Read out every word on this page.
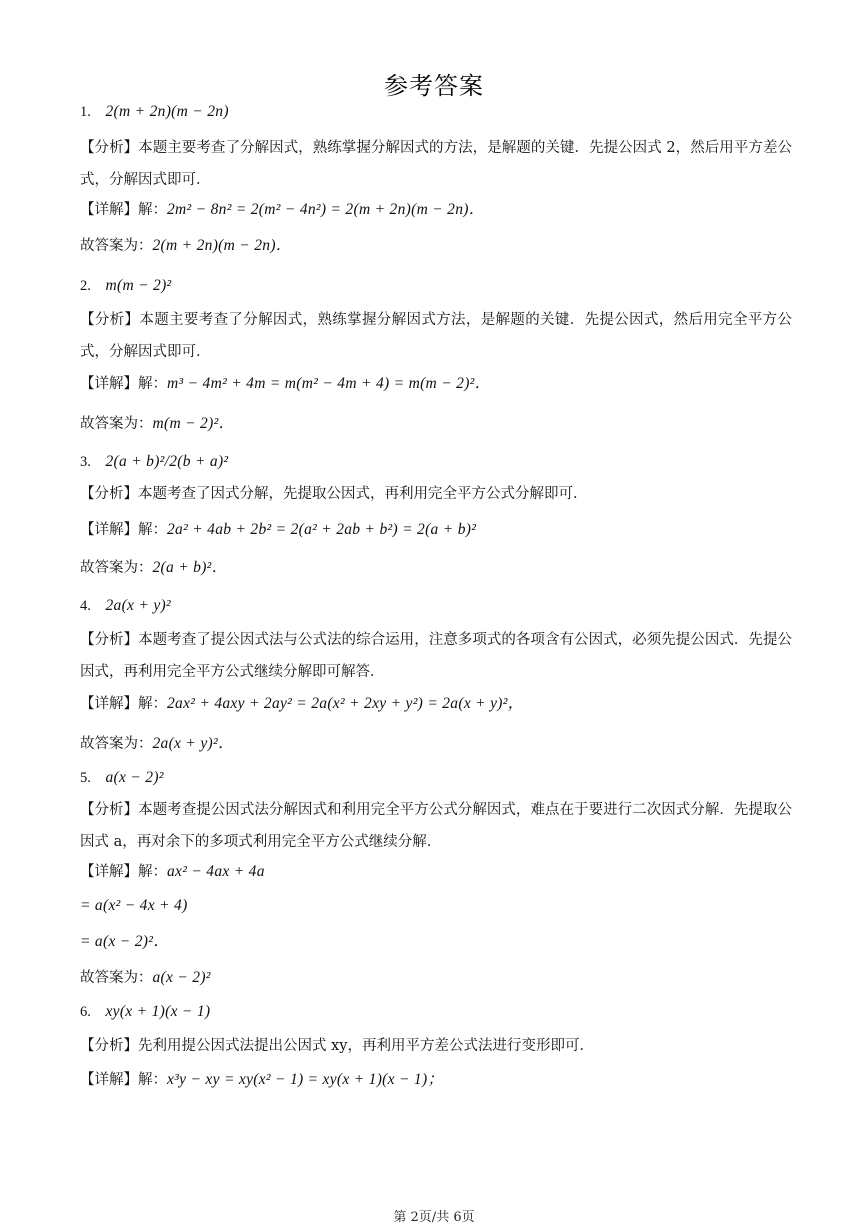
参考答案
1. 2(m + 2n)(m − 2n)
【分析】本题主要考查了分解因式，熟练掌握分解因式的方法，是解题的关键．先提公因式 2，然后用平方差公式，分解因式即可．
【详解】解：2m² − 8n² = 2(m² − 4n²) = 2(m + 2n)(m − 2n)．
故答案为：2(m + 2n)(m − 2n)．
2. m(m − 2)²
【分析】本题主要考查了分解因式，熟练掌握分解因式方法，是解题的关键．先提公因式，然后用完全平方公式，分解因式即可．
【详解】解：m³ − 4m² + 4m = m(m² − 4m + 4) = m(m − 2)²．
故答案为：m(m − 2)²．
3. 2(a + b)²/2(b + a)²
【分析】本题考查了因式分解，先提取公因式，再利用完全平方公式分解即可．
【详解】解：2a² + 4ab + 2b² = 2(a² + 2ab + b²) = 2(a + b)²
故答案为：2(a + b)²．
4. 2a(x + y)²
【分析】本题考查了提公因式法与公式法的综合运用，注意多项式的各项含有公因式，必须先提公因式．先提公因式，再利用完全平方公式继续分解即可解答．
【详解】解：2ax² + 4axy + 2ay² = 2a(x² + 2xy + y²) = 2a(x + y)²，
故答案为：2a(x + y)²．
5. a(x − 2)²
【分析】本题考查提公因式法分解因式和利用完全平方公式分解因式，难点在于要进行二次因式分解．先提取公因式 a，再对余下的多项式利用完全平方公式继续分解．
【详解】解：ax² − 4ax + 4a
= a(x² − 4x + 4)
= a(x − 2)²．
故答案为：a(x − 2)²
6. xy(x + 1)(x − 1)
【分析】先利用提公因式法提出公因式 xy，再利用平方差公式法进行变形即可．
【详解】解：x³y − xy = xy(x² − 1) = xy(x + 1)(x − 1)；
第 2页/共 6页
